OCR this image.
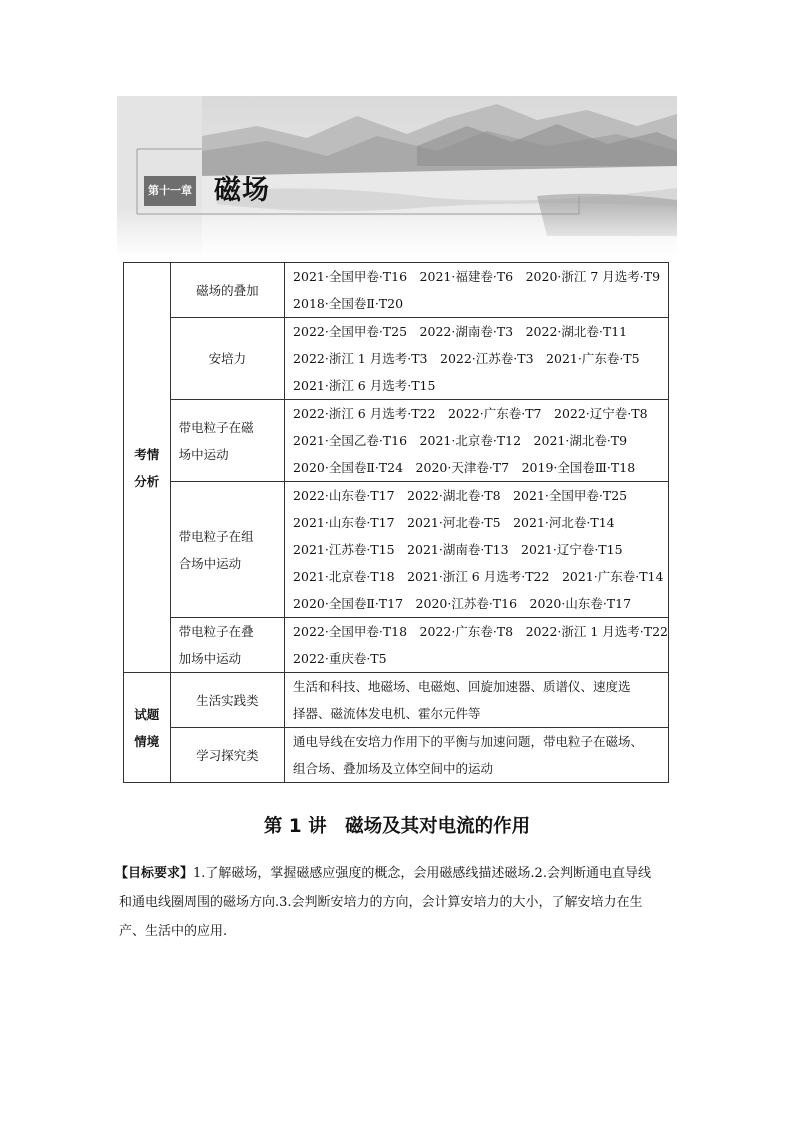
第十一章 磁场
考情
分析	磁场的叠加	2021·全国甲卷·T16　2021·福建卷·T6　2020·浙江 7 月选考·T9
2018·全国卷Ⅱ·T20

	安培力	2022·全国甲卷·T25　2022·湖南卷·T3　2022·湖北卷·T11
2022·浙江 1 月选考·T3　2022·江苏卷·T3　2021·广东卷·T5
2021·浙江 6 月选考·T15

	带电粒子在磁
场中运动	2022·浙江 6 月选考·T22　2022·广东卷·T7　2022·辽宁卷·T8
2021·全国乙卷·T16　2021·北京卷·T12　2021·湖北卷·T9
2020·全国卷Ⅱ·T24　2020·天津卷·T7　2019·全国卷Ⅲ·T18

	带电粒子在组
合场中运动	2022·山东卷·T17　2022·湖北卷·T8　2021·全国甲卷·T25
2021·山东卷·T17　2021·河北卷·T5　2021·河北卷·T14
2021·江苏卷·T15　2021·湖南卷·T13　2021·辽宁卷·T15
2021·北京卷·T18　2021·浙江 6 月选考·T22　2021·广东卷·T14
2020·全国卷Ⅱ·T17　2020·江苏卷·T16　2020·山东卷·T17

	带电粒子在叠
加场中运动	2022·全国甲卷·T18　2022·广东卷·T8　2022·浙江 1 月选考·T22
2022·重庆卷·T5

试题
情境	生活实践类	生活和科技、地磁场、电磁炮、回旋加速器、质谱仪、速度选
择器、磁流体发电机、霍尔元件等

	学习探究类	通电导线在安培力作用下的平衡与加速问题，带电粒子在磁场、
组合场、叠加场及立体空间中的运动
第 1 讲　磁场及其对电流的作用
【目标要求】1.了解磁场，掌握磁感应强度的概念，会用磁感线描述磁场.2.会判断通电直导线
和通电线圈周围的磁场方向.3.会判断安培力的方向，会计算安培力的大小，了解安培力在生
产、生活中的应用.
